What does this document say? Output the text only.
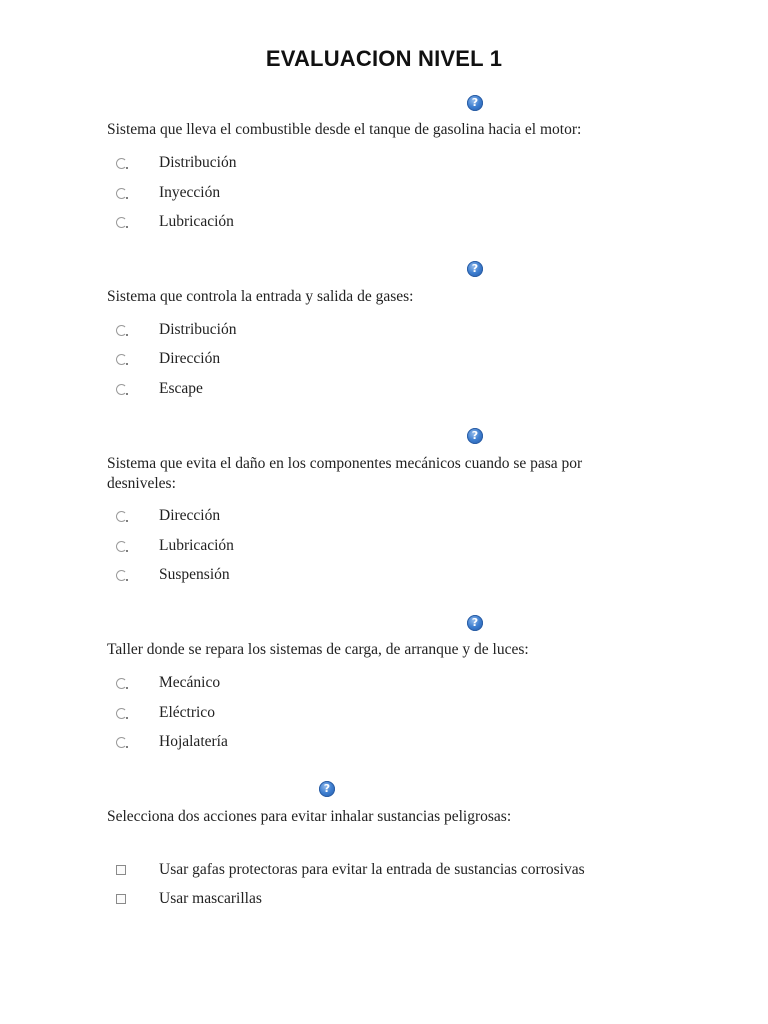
EVALUACION NIVEL 1
?
Sistema que lleva el combustible desde el tanque de gasolina hacia el motor:
Distribución
Inyección
Lubricación
?
Sistema que controla la entrada y salida de gases:
Distribución
Dirección
Escape
?
Sistema que evita el daño en los componentes mecánicos cuando se pasa por desniveles:
Dirección
Lubricación
Suspensión
?
Taller donde se repara los sistemas de carga, de arranque y de luces:
Mecánico
Eléctrico
Hojalatería
?
Selecciona dos acciones para evitar inhalar sustancias peligrosas:
Usar gafas protectoras para evitar la entrada de sustancias corrosivas
Usar mascarillas
